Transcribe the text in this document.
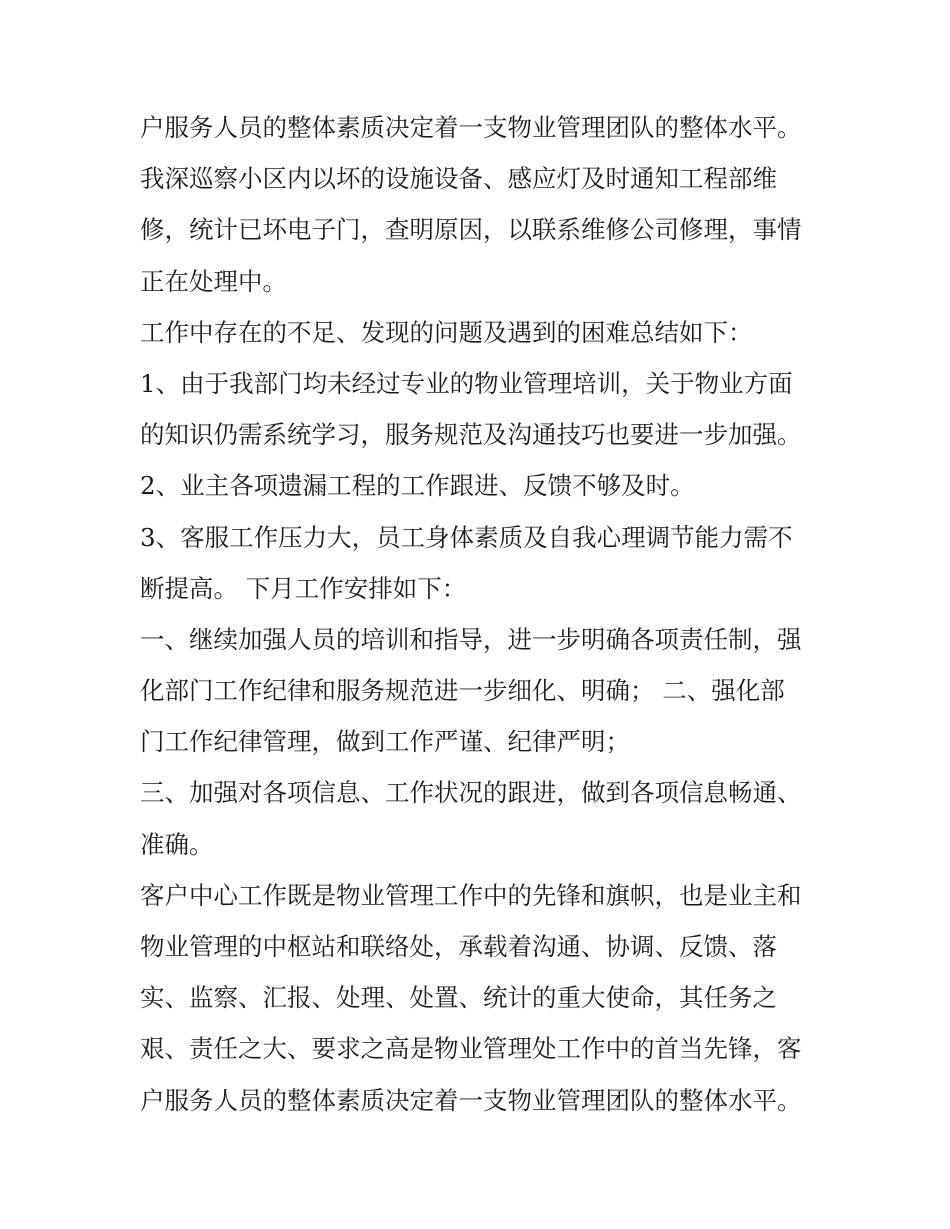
户服务人员的整体素质决定着一支物业管理团队的整体水平。
我深巡察小区内以坏的设施设备、感应灯及时通知工程部维
修，统计已坏电子门，查明原因，以联系维修公司修理，事情
正在处理中。
工作中存在的不足、发现的问题及遇到的困难总结如下：
1、由于我部门均未经过专业的物业管理培训，关于物业方面
的知识仍需系统学习，服务规范及沟通技巧也要进一步加强。
2、业主各项遗漏工程的工作跟进、反馈不够及时。
3、客服工作压力大，员工身体素质及自我心理调节能力需不
断提高。 下月工作安排如下：
一、继续加强人员的培训和指导，进一步明确各项责任制，强
化部门工作纪律和服务规范进一步细化、明确； 二、强化部
门工作纪律管理，做到工作严谨、纪律严明；
三、加强对各项信息、工作状况的跟进，做到各项信息畅通、
准确。
客户中心工作既是物业管理工作中的先锋和旗帜，也是业主和
物业管理的中枢站和联络处，承载着沟通、协调、反馈、落
实、监察、汇报、处理、处置、统计的重大使命，其任务之
艰、责任之大、要求之高是物业管理处工作中的首当先锋，客
户服务人员的整体素质决定着一支物业管理团队的整体水平。
